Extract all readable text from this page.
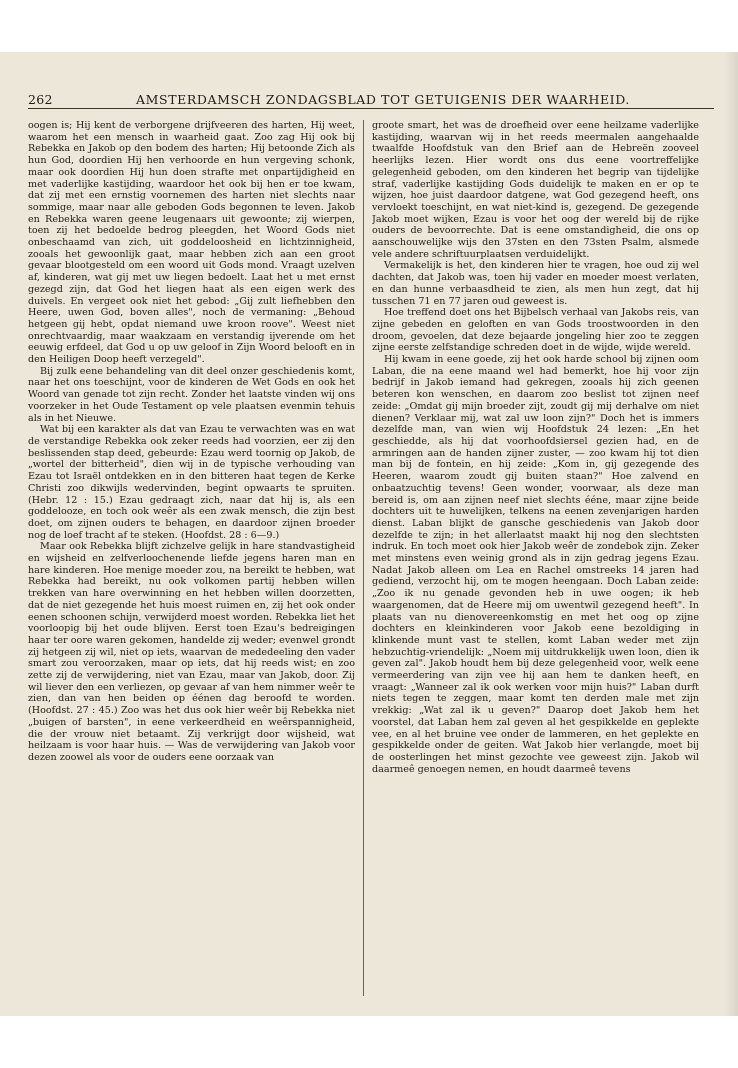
262	AMSTERDAMSCH ZONDAGSBLAD TOT GETUIGENIS DER WAARHEID.

oogen is; Hij kent de verborgene drijfveeren des harten, Hij weet, waarom het een mensch in waarheid gaat. Zoo zag Hij ook bij Rebekka en Jakob op den bodem des harten; Hij betoonde Zich als hun God, doordien Hij hen verhoorde en hun vergeving schonk, maar ook doordien Hij hun doen strafte met onpartijdigheid en met vaderlijke kastijding, waardoor het ook bij hen er toe kwam, dat zij met een ernstig voornemen des harten niet slechts naar sommige, maar naar alle geboden Gods begonnen te leven. Jakob en Rebekka waren geene leugenaars uit gewoonte; zij wierpen, toen zij het bedoelde bedrog pleegden, het Woord Gods niet onbeschaamd van zich, uit goddeloosheid en lichtzinnigheid, zooals het gewoonlijk gaat, maar hebben zich aan een groot gevaar blootgesteld om een woord uit Gods mond. Vraagt uzelven af, kinderen, wat gij met uw liegen bedoelt. Laat het u met ernst gezegd zijn, dat God het liegen haat als een eigen werk des duivels. En vergeet ook niet het gebod: „Gij zult liefhebben den Heere, uwen God, boven alles", noch de vermaning: „Behoud hetgeen gij hebt, opdat niemand uwe kroon roove". Weest niet onrechtvaardig, maar waakzaam en verstandig ijverende om het eeuwig erfdeel, dat God u op uw geloof in Zijn Woord belooft en in den Heiligen Doop heeft verzegeld".

Bij zulk eene behandeling van dit deel onzer geschiedenis komt, naar het ons toeschijnt, voor de kinderen de Wet Gods en ook het Woord van genade tot zijn recht. Zonder het laatste vinden wij ons voorzeker in het Oude Testament op vele plaatsen evenmin tehuis als in het Nieuwe.

Wat bij een karakter als dat van Ezau te verwachten was en wat de verstandige Rebekka ook zeker reeds had voorzien, eer zij den beslissenden stap deed, gebeurde: Ezau werd toornig op Jakob, de „wortel der bitterheid", dien wij in de typische verhouding van Ezau tot Israël ontdekken en in den bitteren haat tegen de Kerke Christi zoo dikwijls wedervinden, begint opwaarts te spruiten. (Hebr. 12 : 15.) Ezau gedraagt zich, naar dat hij is, als een goddelooze, en toch ook weêr als een zwak mensch, die zijn best doet, om zijnen ouders te behagen, en daardoor zijnen broeder nog de loef tracht af te steken. (Hoofdst. 28 : 6—9.)

Maar ook Rebekka blijft zichzelve gelijk in hare standvastigheid en wijsheid en zelfverloochenende liefde jegens haren man en hare kinderen. Hoe menige moeder zou, na bereikt te hebben, wat Rebekka had bereikt, nu ook volkomen partij hebben willen trekken van hare overwinning en het hebben willen doorzetten, dat de niet gezegende het huis moest ruimen en, zij het ook onder eenen schoonen schijn, verwijderd moest worden. Rebekka liet het voorloopig bij het oude blijven. Eerst toen Ezau's bedreigingen haar ter oore waren gekomen, handelde zij weder; evenwel grondt zij hetgeen zij wil, niet op iets, waarvan de mededeeling den vader smart zou veroorzaken, maar op iets, dat hij reeds wist; en zoo zette zij de verwijdering, niet van Ezau, maar van Jakob, door. Zij wil liever den een verliezen, op gevaar af van hem nimmer weêr te zien, dan van hen beiden op éénen dag beroofd te worden. (Hoofdst. 27 : 45.) Zoo was het dus ook hier weêr bij Rebekka niet „buigen of barsten", in eene verkeerdheid en weêrspannigheid, die der vrouw niet betaamt. Zij verkrijgt door wijsheid, wat heilzaam is voor haar huis. — Was de verwijdering van Jakob voor dezen zoowel als voor de ouders eene oorzaak van

groote smart, het was de droefheid over eene heilzame vaderlijke kastijding, waarvan wij in het reeds meermalen aangehaalde twaalfde Hoofdstuk van den Brief aan de Hebreën zooveel heerlijks lezen. Hier wordt ons dus eene voortreffelijke gelegenheid geboden, om den kinderen het begrip van tijdelijke straf, vaderlijke kastijding Gods duidelijk te maken en er op te wijzen, hoe juist daardoor datgene, wat God gezegend heeft, ons vervloekt toeschijnt, en wat niet-kind is, gezegend. De gezegende Jakob moet wijken, Ezau is voor het oog der wereld bij de rijke ouders de bevoorrechte. Dat is eene omstandigheid, die ons op aanschouwelijke wijs den 37sten en den 73sten Psalm, alsmede vele andere schriftuurplaatsen verduidelijkt.

Vermakelijk is het, den kinderen hier te vragen, hoe oud zij wel dachten, dat Jakob was, toen hij vader en moeder moest verlaten, en dan hunne verbaasdheid te zien, als men hun zegt, dat hij tusschen 71 en 77 jaren oud geweest is.

Hoe treffend doet ons het Bijbelsch verhaal van Jakobs reis, van zijne gebeden en geloften en van Gods troostwoorden in den droom, gevoelen, dat deze bejaarde jongeling hier zoo te zeggen zijne eerste zelfstandige schreden doet in de wijde, wijde wereld.

Hij kwam in eene goede, zij het ook harde school bij zijnen oom Laban, die na eene maand wel had bemerkt, hoe hij voor zijn bedrijf in Jakob iemand had gekregen, zooals hij zich geenen beteren kon wenschen, en daarom zoo beslist tot zijnen neef zeide: „Omdat gij mijn broeder zijt, zoudt gij mij derhalve om niet dienen? Verklaar mij, wat zal uw loon zijn?" Doch het is immers dezelfde man, van wien wij Hoofdstuk 24 lezen: „En het geschiedde, als hij dat voorhoofdsiersel gezien had, en de armringen aan de handen zijner zuster, — zoo kwam hij tot dien man bij de fontein, en hij zeide: „Kom in, gij gezegende des Heeren, waarom zoudt gij buiten staan?" Hoe zalvend en onbaatzuchtig tevens! Geen wonder, voorwaar, als deze man bereid is, om aan zijnen neef niet slechts ééne, maar zijne beide dochters uit te huwelijken, telkens na eenen zevenjarigen harden dienst. Laban blijkt de gansche geschiedenis van Jakob door dezelfde te zijn; in het allerlaatst maakt hij nog den slechtsten indruk. En toch moet ook hier Jakob weêr de zondebok zijn. Zeker met minstens even weinig grond als in zijn gedrag jegens Ezau. Nadat Jakob alleen om Lea en Rachel omstreeks 14 jaren had gediend, verzocht hij, om te mogen heengaan. Doch Laban zeide: „Zoo ik nu genade gevonden heb in uwe oogen; ik heb waargenomen, dat de Heere mij om uwentwil gezegend heeft". In plaats van nu dienovereenkomstig en met het oog op zijne dochters en kleinkinderen voor Jakob eene bezoldiging in klinkende munt vast te stellen, komt Laban weder met zijn hebzuchtig-vriendelijk: „Noem mij uitdrukkelijk uwen loon, dien ik geven zal". Jakob houdt hem bij deze gelegenheid voor, welk eene vermeerdering van zijn vee hij aan hem te danken heeft, en vraagt: „Wanneer zal ik ook werken voor mijn huis?" Laban durft niets tegen te zeggen, maar komt ten derden male met zijn vrekkig: „Wat zal ik u geven?" Daarop doet Jakob hem het voorstel, dat Laban hem zal geven al het gespikkelde en geplekte vee, en al het bruine vee onder de lammeren, en het geplekte en gespikkelde onder de geiten. Wat Jakob hier verlangde, moet bij de oosterlingen het minst gezochte vee geweest zijn. Jakob wil daarmeê genoegen nemen, en houdt daarmeê tevens
